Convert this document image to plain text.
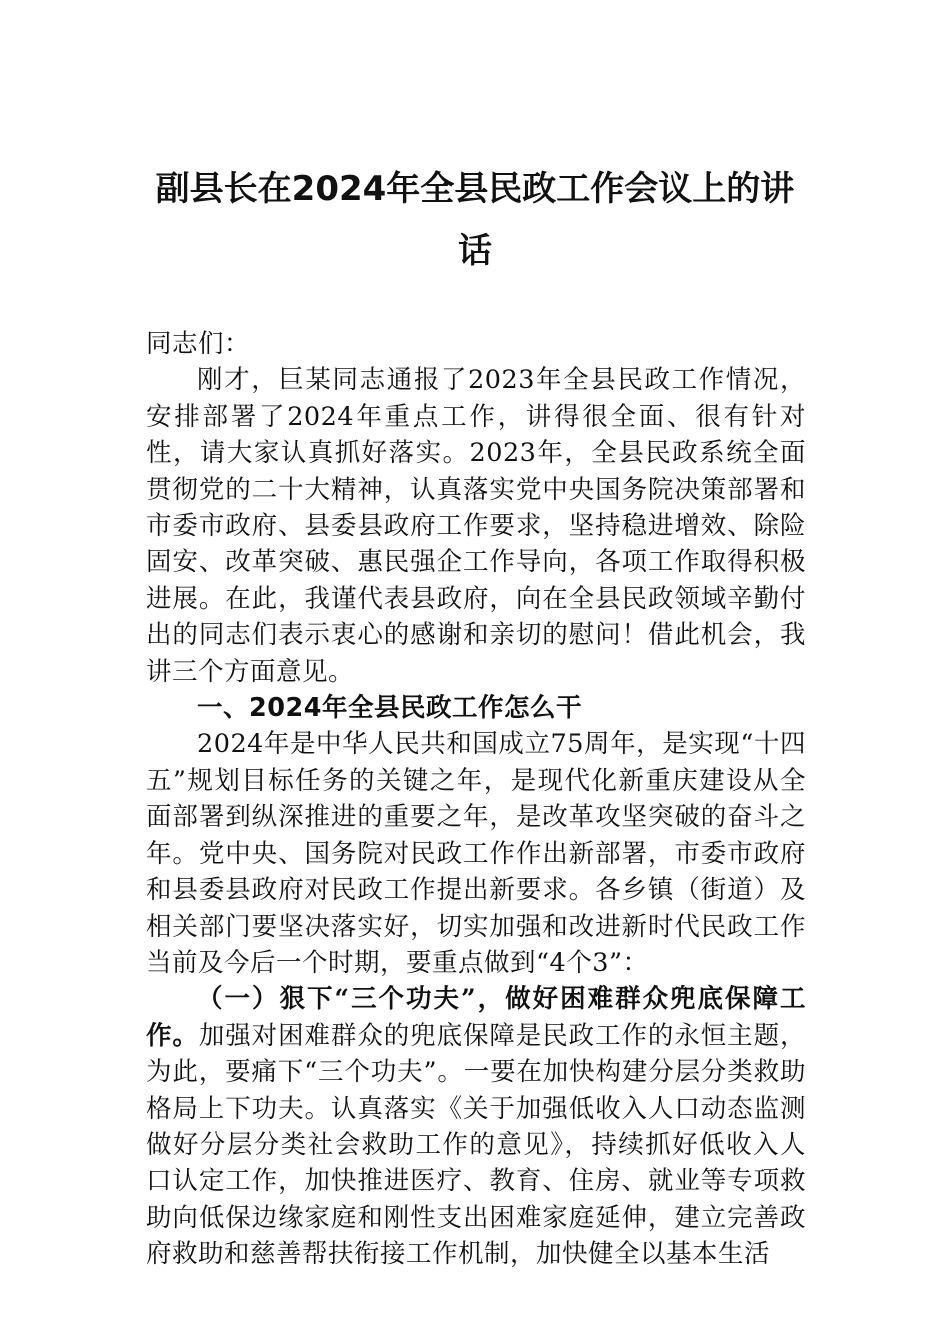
副县长在2024年全县民政工作会议上的讲话

同志们：

刚才，巨某同志通报了2023年全县民政工作情况，安排部署了2024年重点工作，讲得很全面、很有针对性，请大家认真抓好落实。2023年，全县民政系统全面贯彻党的二十大精神，认真落实党中央国务院决策部署和市委市政府、县委县政府工作要求，坚持稳进增效、除险固安、改革突破、惠民强企工作导向，各项工作取得积极进展。在此，我谨代表县政府，向在全县民政领域辛勤付出的同志们表示衷心的感谢和亲切的慰问！借此机会，我讲三个方面意见。

一、2024年全县民政工作怎么干

2024年是中华人民共和国成立75周年，是实现“十四五”规划目标任务的关键之年，是现代化新重庆建设从全面部署到纵深推进的重要之年，是改革攻坚突破的奋斗之年。党中央、国务院对民政工作作出新部署，市委市政府和县委县政府对民政工作提出新要求。各乡镇（街道）及相关部门要坚决落实好，切实加强和改进新时代民政工作当前及今后一个时期，要重点做到“4个3”：

（一）狠下“三个功夫”，做好困难群众兜底保障工作。加强对困难群众的兜底保障是民政工作的永恒主题，为此，要痛下“三个功夫”。一要在加快构建分层分类救助格局上下功夫。认真落实《关于加强低收入人口动态监测做好分层分类社会救助工作的意见》，持续抓好低收入人口认定工作，加快推进医疗、教育、住房、就业等专项救助向低保边缘家庭和刚性支出困难家庭延伸，建立完善政府救助和慈善帮扶衔接工作机制，加快健全以基本生活
